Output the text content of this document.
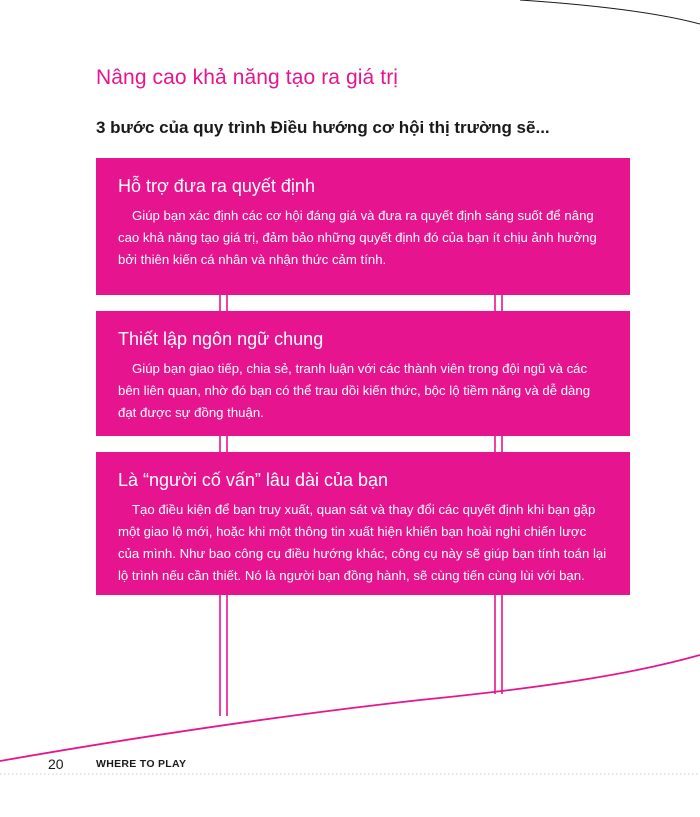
Nâng cao khả năng tạo ra giá trị
3 bước của quy trình Điều hướng cơ hội thị trường sẽ...
Hỗ trợ đưa ra quyết định

Giúp bạn xác định các cơ hội đáng giá và đưa ra quyết định sáng suốt để nâng cao khả năng tạo giá trị, đảm bảo những quyết định đó của bạn ít chịu ảnh hưởng bởi thiên kiến cá nhân và nhận thức cảm tính.

Thiết lập ngôn ngữ chung

Giúp bạn giao tiếp, chia sẻ, tranh luận với các thành viên trong đội ngũ và các bên liên quan, nhờ đó bạn có thể trau dồi kiến thức, bộc lộ tiềm năng và dễ dàng đạt được sự đồng thuận.

Là “người cố vấn” lâu dài của bạn

Tạo điều kiện để bạn truy xuất, quan sát và thay đổi các quyết định khi bạn gặp một giao lộ mới, hoặc khi một thông tin xuất hiện khiến bạn hoài nghi chiến lược của mình. Như bao công cụ điều hướng khác, công cụ này sẽ giúp bạn tính toán lại lộ trình nếu cần thiết. Nó là người bạn đồng hành, sẽ cùng tiến cùng lùi với bạn.

20	WHERE TO PLAY
